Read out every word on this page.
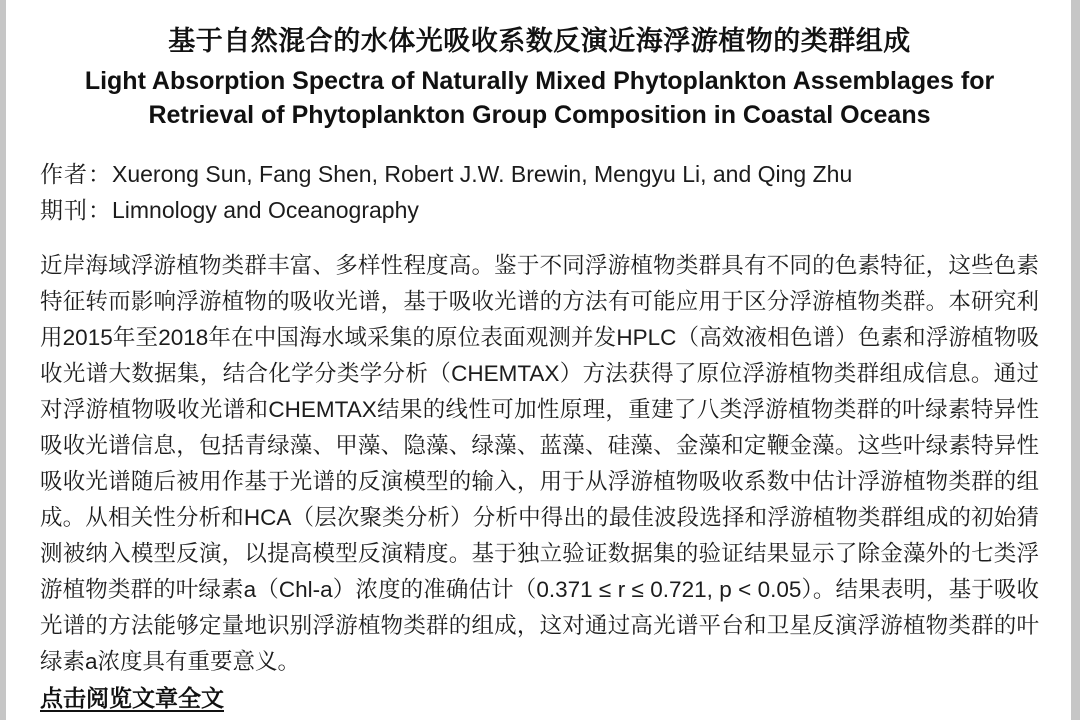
基于自然混合的水体光吸收系数反演近海浮游植物的类群组成
Light Absorption Spectra of Naturally Mixed Phytoplankton Assemblages for Retrieval of Phytoplankton Group Composition in Coastal Oceans

作者：Xuerong Sun, Fang Shen, Robert J.W. Brewin, Mengyu Li, and Qing Zhu

期刊：Limnology and Oceanography

近岸海域浮游植物类群丰富、多样性程度高。鉴于不同浮游植物类群具有不同的色素特征，这些色素特征转而影响浮游植物的吸收光谱，基于吸收光谱的方法有可能应用于区分浮游植物类群。本研究利用2015年至2018年在中国海水域采集的原位表面观测并发HPLC（高效液相色谱）色素和浮游植物吸收光谱大数据集，结合化学分类学分析（CHEMTAX）方法获得了原位浮游植物类群组成信息。通过对浮游植物吸收光谱和CHEMTAX结果的线性可加性原理，重建了八类浮游植物类群的叶绿素特异性吸收光谱信息，包括青绿藻、甲藻、隐藻、绿藻、蓝藻、硅藻、金藻和定鞭金藻。这些叶绿素特异性吸收光谱随后被用作基于光谱的反演模型的输入，用于从浮游植物吸收系数中估计浮游植物类群的组成。从相关性分析和HCA（层次聚类分析）分析中得出的最佳波段选择和浮游植物类群组成的初始猜测被纳入模型反演，以提高模型反演精度。基于独立验证数据集的验证结果显示了除金藻外的七类浮游植物类群的叶绿素a（Chl-a）浓度的准确估计（0.371 ≤ r ≤ 0.721, p < 0.05）。结果表明，基于吸收光谱的方法能够定量地识别浮游植物类群的组成，这对通过高光谱平台和卫星反演浮游植物类群的叶绿素a浓度具有重要意义。

点击阅览文章全文
